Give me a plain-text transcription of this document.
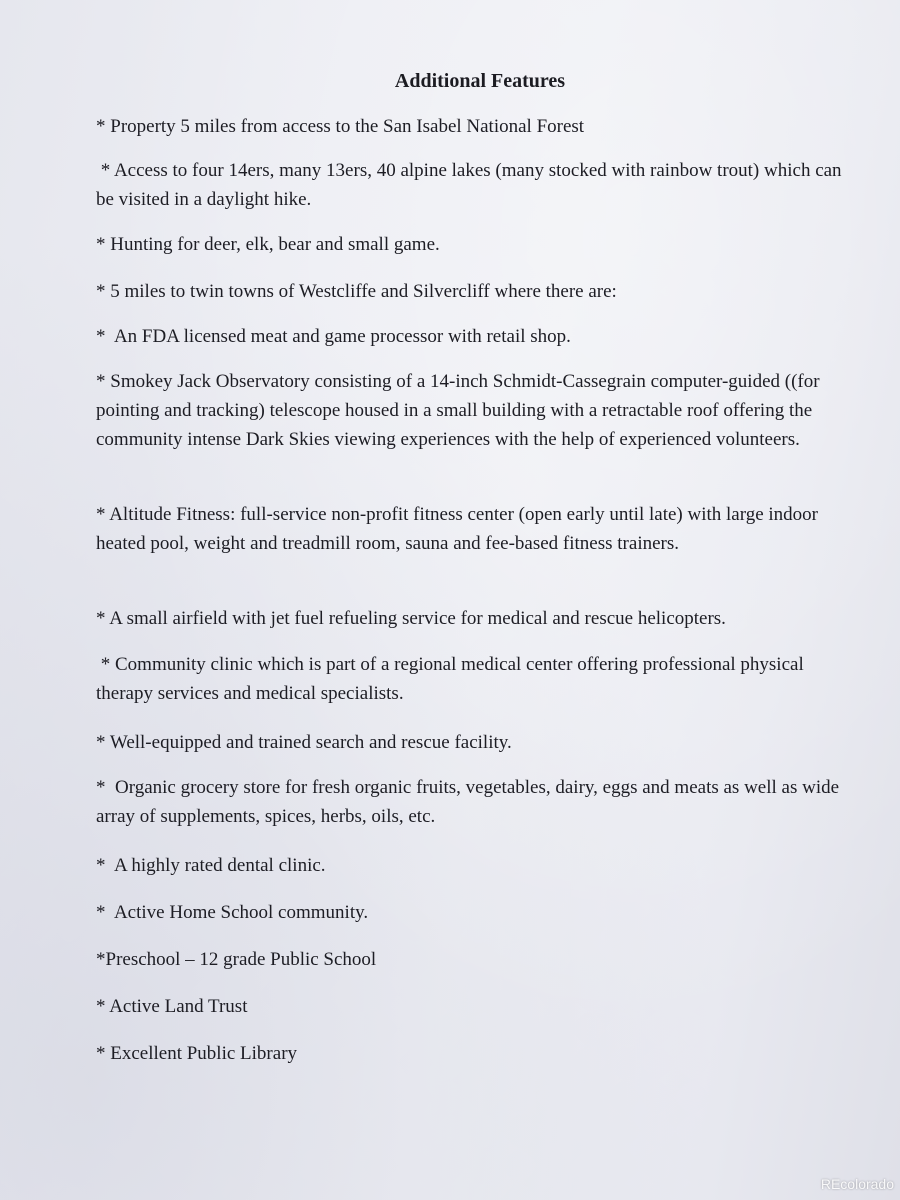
Additional Features

* Property 5 miles from access to the San Isabel National Forest

* Access to four 14ers, many 13ers, 40 alpine lakes (many stocked with rainbow trout) which can be visited in a daylight hike.

* Hunting for deer, elk, bear and small game.

* 5 miles to twin towns of Westcliffe and Silvercliff where there are:

*  An FDA licensed meat and game processor with retail shop.

* Smokey Jack Observatory consisting of a 14-inch Schmidt-Cassegrain computer-guided ((for pointing and tracking) telescope housed in a small building with a retractable roof offering the community intense Dark Skies viewing experiences with the help of experienced volunteers.

* Altitude Fitness: full-service non-profit fitness center (open early until late) with large indoor heated pool, weight and treadmill room, sauna and fee-based fitness trainers.

* A small airfield with jet fuel refueling service for medical and rescue helicopters.

* Community clinic which is part of a regional medical center offering professional physical therapy services and medical specialists.

* Well-equipped and trained search and rescue facility.

*  Organic grocery store for fresh organic fruits, vegetables, dairy, eggs and meats as well as wide array of supplements, spices, herbs, oils, etc.

*  A highly rated dental clinic.

*  Active Home School community.

*Preschool – 12 grade Public School

* Active Land Trust

* Excellent Public Library

REcolorado
